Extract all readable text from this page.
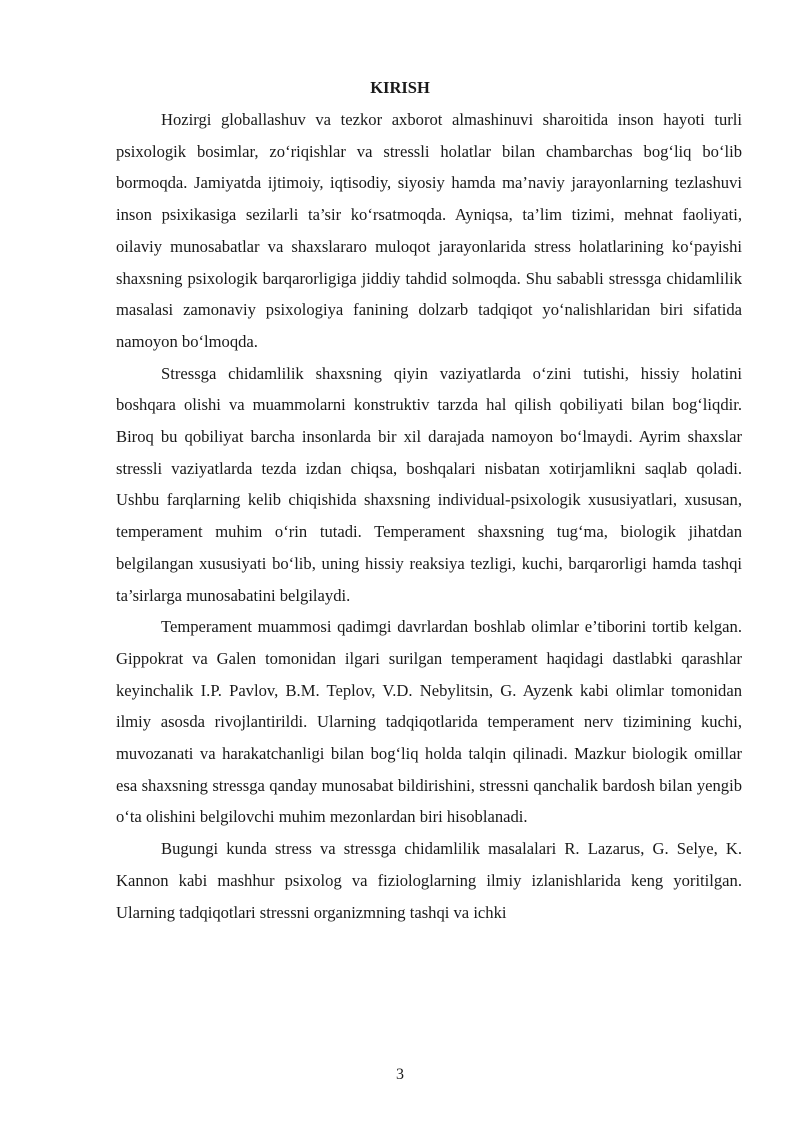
KIRISH

Hozirgi globallashuv va tezkor axborot almashinuvi sharoitida inson hayoti turli psixologik bosimlar, zo‘riqishlar va stressli holatlar bilan chambarchas bog‘liq bo‘lib bormoqda. Jamiyatda ijtimoiy, iqtisodiy, siyosiy hamda ma’naviy jarayonlarning tezlashuvi inson psixikasiga sezilarli ta’sir ko‘rsatmoqda. Ayniqsa, ta’lim tizimi, mehnat faoliyati, oilaviy munosabatlar va shaxslararo muloqot jarayonlarida stress holatlarining ko‘payishi shaxsning psixologik barqarorligiga jiddiy tahdid solmoqda. Shu sababli stressga chidamlilik masalasi zamonaviy psixologiya fanining dolzarb tadqiqot yo‘nalishlaridan biri sifatida namoyon bo‘lmoqda.

Stressga chidamlilik shaxsning qiyin vaziyatlarda o‘zini tutishi, hissiy holatini boshqara olishi va muammolarni konstruktiv tarzda hal qilish qobiliyati bilan bog‘liqdir. Biroq bu qobiliyat barcha insonlarda bir xil darajada namoyon bo‘lmaydi. Ayrim shaxslar stressli vaziyatlarda tezda izdan chiqsa, boshqalari nisbatan xotirjamlikni saqlab qoladi. Ushbu farqlarning kelib chiqishida shaxsning individual-psixologik xususiyatlari, xususan, temperament muhim o‘rin tutadi. Temperament shaxsning tug‘ma, biologik jihatdan belgilangan xususiyati bo‘lib, uning hissiy reaksiya tezligi, kuchi, barqarorligi hamda tashqi ta’sirlarga munosabatini belgilaydi.

Temperament muammosi qadimgi davrlardan boshlab olimlar e’tiborini tortib kelgan. Gippokrat va Galen tomonidan ilgari surilgan temperament haqidagi dastlabki qarashlar keyinchalik I.P. Pavlov, B.M. Teplov, V.D. Nebylitsin, G. Ayzenk kabi olimlar tomonidan ilmiy asosda rivojlantirildi. Ularning tadqiqotlarida temperament nerv tizimining kuchi, muvozanati va harakatchanligi bilan bog‘liq holda talqin qilinadi. Mazkur biologik omillar esa shaxsning stressga qanday munosabat bildirishini, stressni qanchalik bardosh bilan yengib o‘ta olishini belgilovchi muhim mezonlardan biri hisoblanadi.

Bugungi kunda stress va stressga chidamlilik masalalari R. Lazarus, G. Selye, K. Kannon kabi mashhur psixolog va fiziologlarning ilmiy izlanishlarida keng yoritilgan. Ularning tadqiqotlari stressni organizmning tashqi va ichki

3
